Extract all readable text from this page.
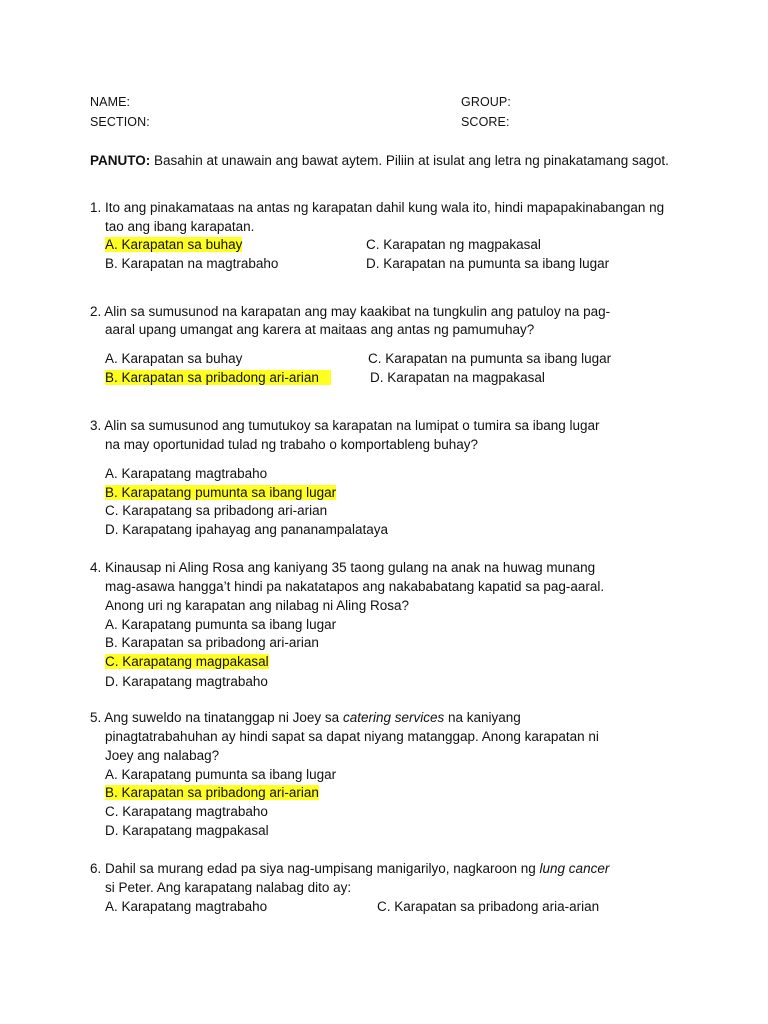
NAME:
SECTION:
GROUP:
SCORE:
PANUTO: Basahin at unawain ang bawat aytem. Piliin at isulat ang letra ng pinakatamang sagot.
1. Ito ang pinakamataas na antas ng karapatan dahil kung wala ito, hindi mapapakinabangan ng
tao ang ibang karapatan.
A. Karapatan sa buhay	C. Karapatan ng magpakasal
B. Karapatan na magtrabaho	D. Karapatan na pumunta sa ibang lugar
2. Alin sa sumusunod na karapatan ang may kaakibat na tungkulin ang patuloy na pag-
aaral upang umangat ang karera at maitaas ang antas ng pamumuhay?
A. Karapatan sa buhay	C. Karapatan na pumunta sa ibang lugar
B. Karapatan sa pribadong ari-arian	D. Karapatan na magpakasal
3. Alin sa sumusunod ang tumutukoy sa karapatan na lumipat o tumira sa ibang lugar
na may oportunidad tulad ng trabaho o komportableng buhay?
A. Karapatang magtrabaho
B. Karapatang pumunta sa ibang lugar
C. Karapatang sa pribadong ari-arian
D. Karapatang ipahayag ang pananampalataya
4. Kinausap ni Aling Rosa ang kaniyang 35 taong gulang na anak na huwag munang
mag-asawa hangga’t hindi pa nakatatapos ang nakababatang kapatid sa pag-aaral.
Anong uri ng karapatan ang nilabag ni Aling Rosa?
A. Karapatang pumunta sa ibang lugar
B. Karapatan sa pribadong ari-arian
C. Karapatang magpakasal
D. Karapatang magtrabaho
5. Ang suweldo na tinatanggap ni Joey sa catering services na kaniyang
pinagtatrabahuhan ay hindi sapat sa dapat niyang matanggap. Anong karapatan ni
Joey ang nalabag?
A. Karapatang pumunta sa ibang lugar
B. Karapatan sa pribadong ari-arian
C. Karapatang magtrabaho
D. Karapatang magpakasal
6. Dahil sa murang edad pa siya nag-umpisang manigarilyo, nagkaroon ng lung cancer
si Peter. Ang karapatang nalabag dito ay:
A. Karapatang magtrabaho	C. Karapatan sa pribadong aria-arian
